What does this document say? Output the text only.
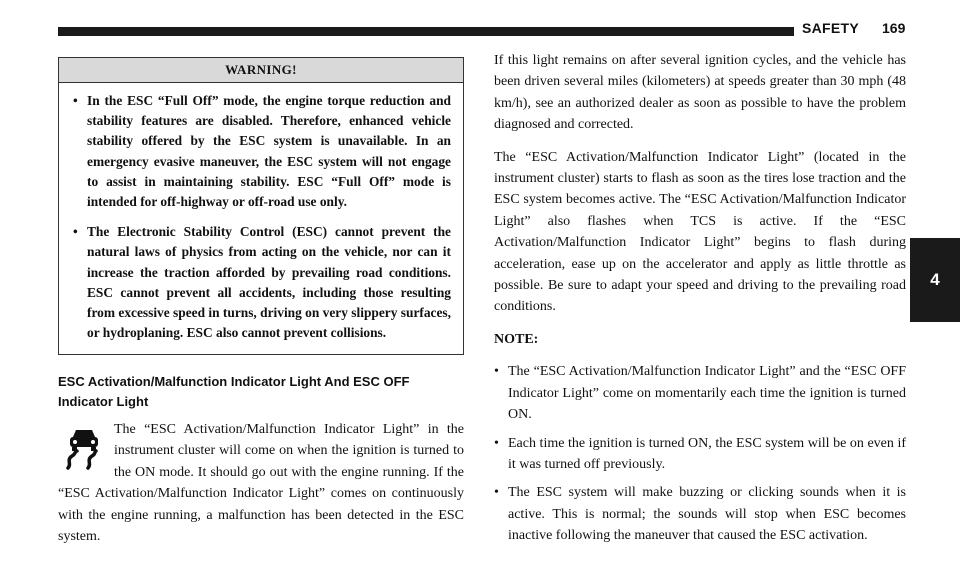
SAFETY 169
4
WARNING!
• In the ESC “Full Off” mode, the engine torque reduction and stability features are disabled. Therefore, enhanced vehicle stability offered by the ESC system is unavailable. In an emergency evasive maneuver, the ESC system will not engage to assist in maintaining stability. ESC “Full Off” mode is intended for off-highway or off-road use only.
• The Electronic Stability Control (ESC) cannot prevent the natural laws of physics from acting on the vehicle, nor can it increase the traction afforded by prevailing road conditions. ESC cannot prevent all accidents, including those resulting from excessive speed in turns, driving on very slippery surfaces, or hydroplaning. ESC also cannot prevent collisions.
ESC Activation/Malfunction Indicator Light And ESC OFF Indicator Light

The “ESC Activation/Malfunction Indicator Light” in the instrument cluster will come on when the ignition is turned to the ON mode. It should go out with the engine running. If the “ESC Activation/Malfunction Indicator Light” comes on continuously with the engine running, a malfunction has been detected in the ESC system.

If this light remains on after several ignition cycles, and the vehicle has been driven several miles (kilometers) at speeds greater than 30 mph (48 km/h), see an authorized dealer as soon as possible to have the problem diagnosed and corrected.

The “ESC Activation/Malfunction Indicator Light” (located in the instrument cluster) starts to flash as soon as the tires lose traction and the ESC system becomes active. The “ESC Activation/Malfunction Indicator Light” also flashes when TCS is active. If the “ESC Activation/Malfunction Indicator Light” begins to flash during acceleration, ease up on the accelerator and apply as little throttle as possible. Be sure to adapt your speed and driving to the prevailing road conditions.

NOTE:

• The “ESC Activation/Malfunction Indicator Light” and the “ESC OFF Indicator Light” come on momentarily each time the ignition is turned ON.
• Each time the ignition is turned ON, the ESC system will be on even if it was turned off previously.
• The ESC system will make buzzing or clicking sounds when it is active. This is normal; the sounds will stop when ESC becomes inactive following the maneuver that caused the ESC activation.
